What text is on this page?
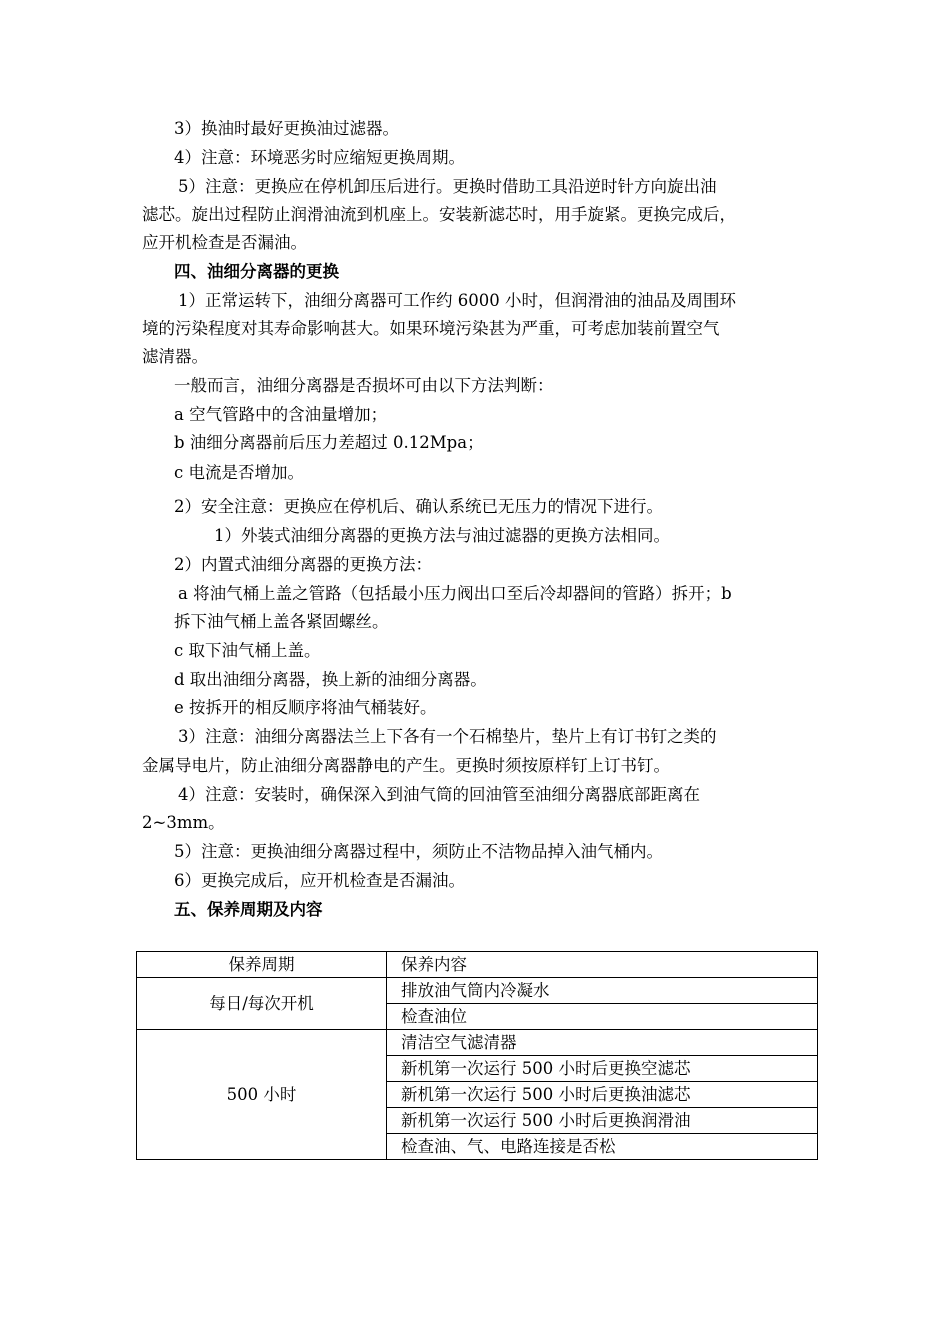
3）换油时最好更换油过滤器。
4）注意：环境恶劣时应缩短更换周期。
5）注意：更换应在停机卸压后进行。更换时借助工具沿逆时针方向旋出油
滤芯。旋出过程防止润滑油流到机座上。安装新滤芯时，用手旋紧。更换完成后，
应开机检查是否漏油。
四、油细分离器的更换
1）正常运转下，油细分离器可工作约 6000 小时，但润滑油的油品及周围环
境的污染程度对其寿命影响甚大。如果环境污染甚为严重，可考虑加装前置空气
滤清器。
一般而言，油细分离器是否损坏可由以下方法判断：
a 空气管路中的含油量增加；
b 油细分离器前后压力差超过 0.12Mpa；
c 电流是否增加。
2）安全注意：更换应在停机后、确认系统已无压力的情况下进行。
1）外装式油细分离器的更换方法与油过滤器的更换方法相同。
2）内置式油细分离器的更换方法：
a 将油气桶上盖之管路（包括最小压力阀出口至后冷却器间的管路）拆开；b
拆下油气桶上盖各紧固螺丝。
c 取下油气桶上盖。
d 取出油细分离器，换上新的油细分离器。
e 按拆开的相反顺序将油气桶装好。
3）注意：油细分离器法兰上下各有一个石棉垫片，垫片上有订书钉之类的
金属导电片，防止油细分离器静电的产生。更换时须按原样钉上订书钉。
4）注意：安装时，确保深入到油气筒的回油管至油细分离器底部距离在
2~3mm。
5）注意：更换油细分离器过程中，须防止不洁物品掉入油气桶内。
6）更换完成后，应开机检查是否漏油。
五、保养周期及内容
保养周期	保养内容
每日/每次开机	排放油气筒内冷凝水
	检查油位
500 小时	清洁空气滤清器
	新机第一次运行 500 小时后更换空滤芯
	新机第一次运行 500 小时后更换油滤芯
	新机第一次运行 500 小时后更换润滑油
	检查油、气、电路连接是否松
